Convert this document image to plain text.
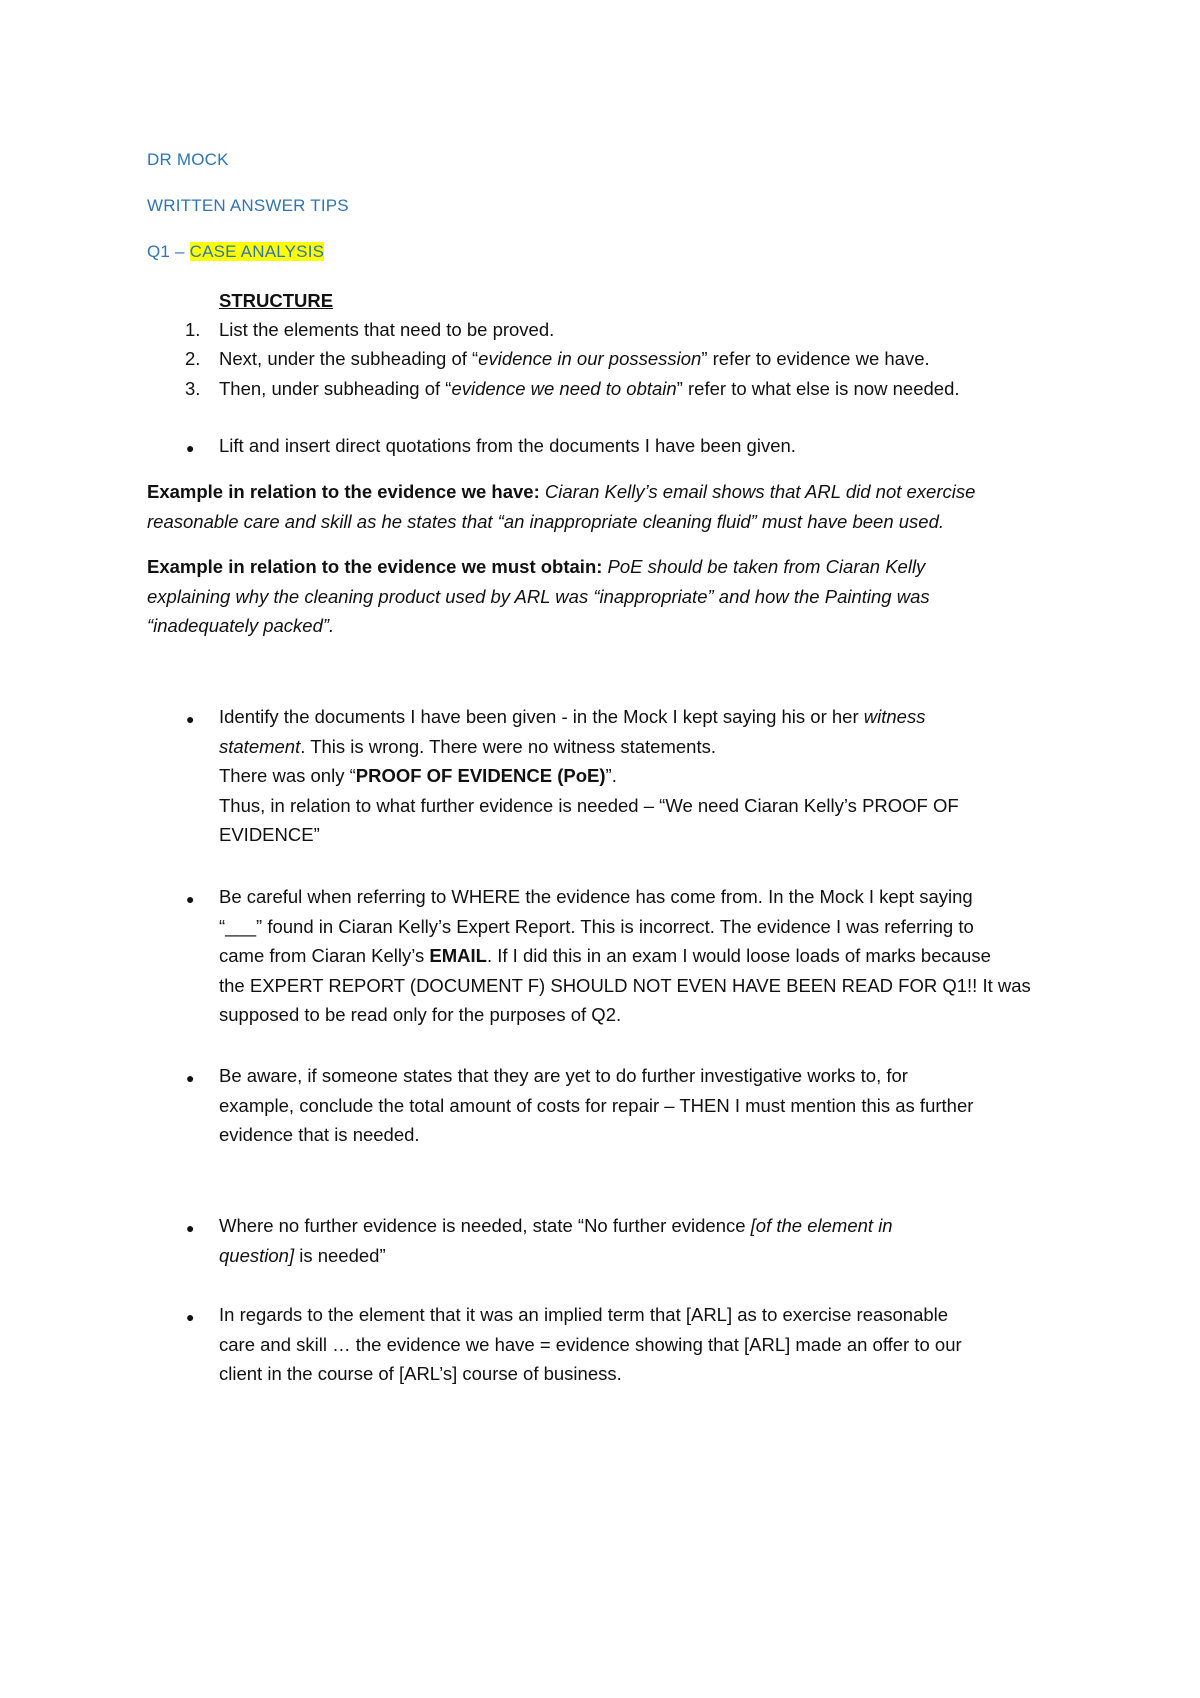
DR MOCK
WRITTEN ANSWER TIPS
Q1 – CASE ANALYSIS
STRUCTURE
1.	List the elements that need to be proved.
2.	Next, under the subheading of “evidence in our possession” refer to evidence we have.
3.	Then, under subheading of “evidence we need to obtain” refer to what else is now needed.
● Lift and insert direct quotations from the documents I have been given.
Example in relation to the evidence we have: Ciaran Kelly’s email shows that ARL did not exercise
reasonable care and skill as he states that “an inappropriate cleaning fluid” must have been used.
Example in relation to the evidence we must obtain: PoE should be taken from Ciaran Kelly
explaining why the cleaning product used by ARL was “inappropriate” and how the Painting was
“inadequately packed”.
● Identify the documents I have been given - in the Mock I kept saying his or her witness
statement. This is wrong. There were no witness statements.
There was only “PROOF OF EVIDENCE (PoE)”.
Thus, in relation to what further evidence is needed – “We need Ciaran Kelly’s PROOF OF
EVIDENCE”
● Be careful when referring to WHERE the evidence has come from. In the Mock I kept saying
“___” found in Ciaran Kelly’s Expert Report. This is incorrect. The evidence I was referring to
came from Ciaran Kelly’s EMAIL. If I did this in an exam I would loose loads of marks because
the EXPERT REPORT (DOCUMENT F) SHOULD NOT EVEN HAVE BEEN READ FOR Q1!! It was
supposed to be read only for the purposes of Q2.
● Be aware, if someone states that they are yet to do further investigative works to, for
example, conclude the total amount of costs for repair – THEN I must mention this as further
evidence that is needed.
● Where no further evidence is needed, state “No further evidence [of the element in
question] is needed”
● In regards to the element that it was an implied term that [ARL] as to exercise reasonable
care and skill … the evidence we have = evidence showing that [ARL] made an offer to our
client in the course of [ARL’s] course of business.
